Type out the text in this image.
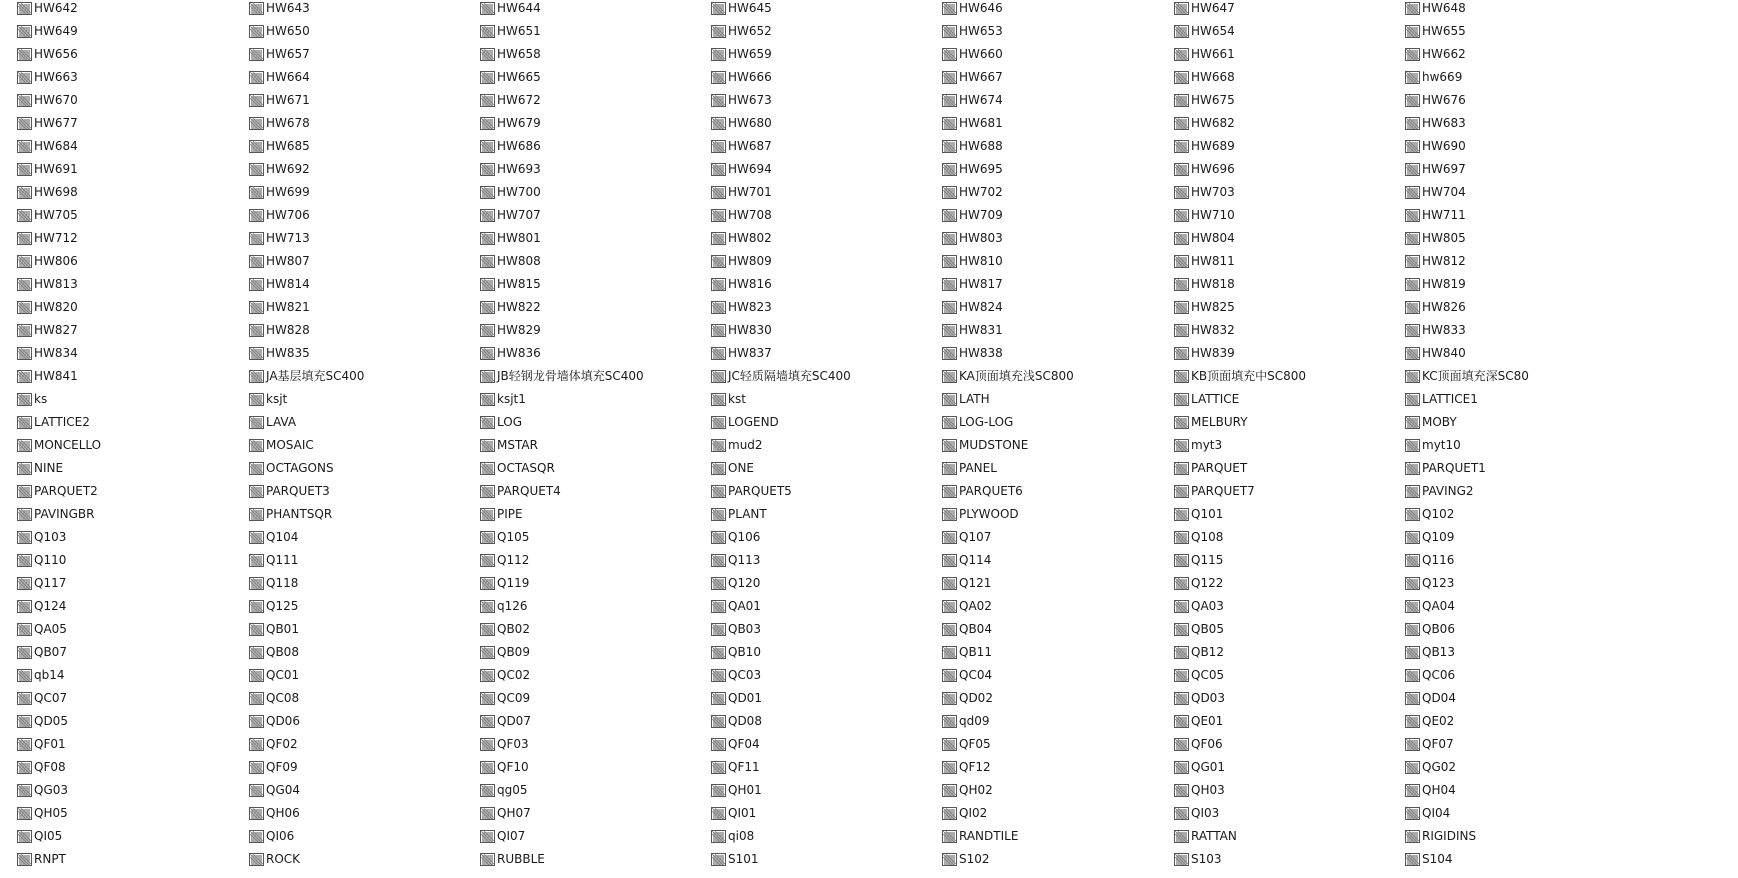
HW642	HW643	HW644	HW645	HW646	HW647	HW648
HW649	HW650	HW651	HW652	HW653	HW654	HW655
HW656	HW657	HW658	HW659	HW660	HW661	HW662
HW663	HW664	HW665	HW666	HW667	HW668	hw669
HW670	HW671	HW672	HW673	HW674	HW675	HW676
HW677	HW678	HW679	HW680	HW681	HW682	HW683
HW684	HW685	HW686	HW687	HW688	HW689	HW690
HW691	HW692	HW693	HW694	HW695	HW696	HW697
HW698	HW699	HW700	HW701	HW702	HW703	HW704
HW705	HW706	HW707	HW708	HW709	HW710	HW711
HW712	HW713	HW801	HW802	HW803	HW804	HW805
HW806	HW807	HW808	HW809	HW810	HW811	HW812
HW813	HW814	HW815	HW816	HW817	HW818	HW819
HW820	HW821	HW822	HW823	HW824	HW825	HW826
HW827	HW828	HW829	HW830	HW831	HW832	HW833
HW834	HW835	HW836	HW837	HW838	HW839	HW840
HW841	JA基层填充SC400	JB轻钢龙骨墙体填充SC400	JC轻质隔墙填充SC400	KA顶面填充浅SC800	KB顶面填充中SC800	KC顶面填充深SC80
ks	ksjt	ksjt1	kst	LATH	LATTICE	LATTICE1
LATTICE2	LAVA	LOG	LOGEND	LOG-LOG	MELBURY	MOBY
MONCELLO	MOSAIC	MSTAR	mud2	MUDSTONE	myt3	myt10
NINE	OCTAGONS	OCTASQR	ONE	PANEL	PARQUET	PARQUET1
PARQUET2	PARQUET3	PARQUET4	PARQUET5	PARQUET6	PARQUET7	PAVING2
PAVINGBR	PHANTSQR	PIPE	PLANT	PLYWOOD	Q101	Q102
Q103	Q104	Q105	Q106	Q107	Q108	Q109
Q110	Q111	Q112	Q113	Q114	Q115	Q116
Q117	Q118	Q119	Q120	Q121	Q122	Q123
Q124	Q125	q126	QA01	QA02	QA03	QA04
QA05	QB01	QB02	QB03	QB04	QB05	QB06
QB07	QB08	QB09	QB10	QB11	QB12	QB13
qb14	QC01	QC02	QC03	QC04	QC05	QC06
QC07	QC08	QC09	QD01	QD02	QD03	QD04
QD05	QD06	QD07	QD08	qd09	QE01	QE02
QF01	QF02	QF03	QF04	QF05	QF06	QF07
QF08	QF09	QF10	QF11	QF12	QG01	QG02
QG03	QG04	qg05	QH01	QH02	QH03	QH04
QH05	QH06	QH07	QI01	QI02	QI03	QI04
QI05	QI06	QI07	qi08	RANDTILE	RATTAN	RIGIDINS
RNPT	ROCK	RUBBLE	S101	S102	S103	S104
